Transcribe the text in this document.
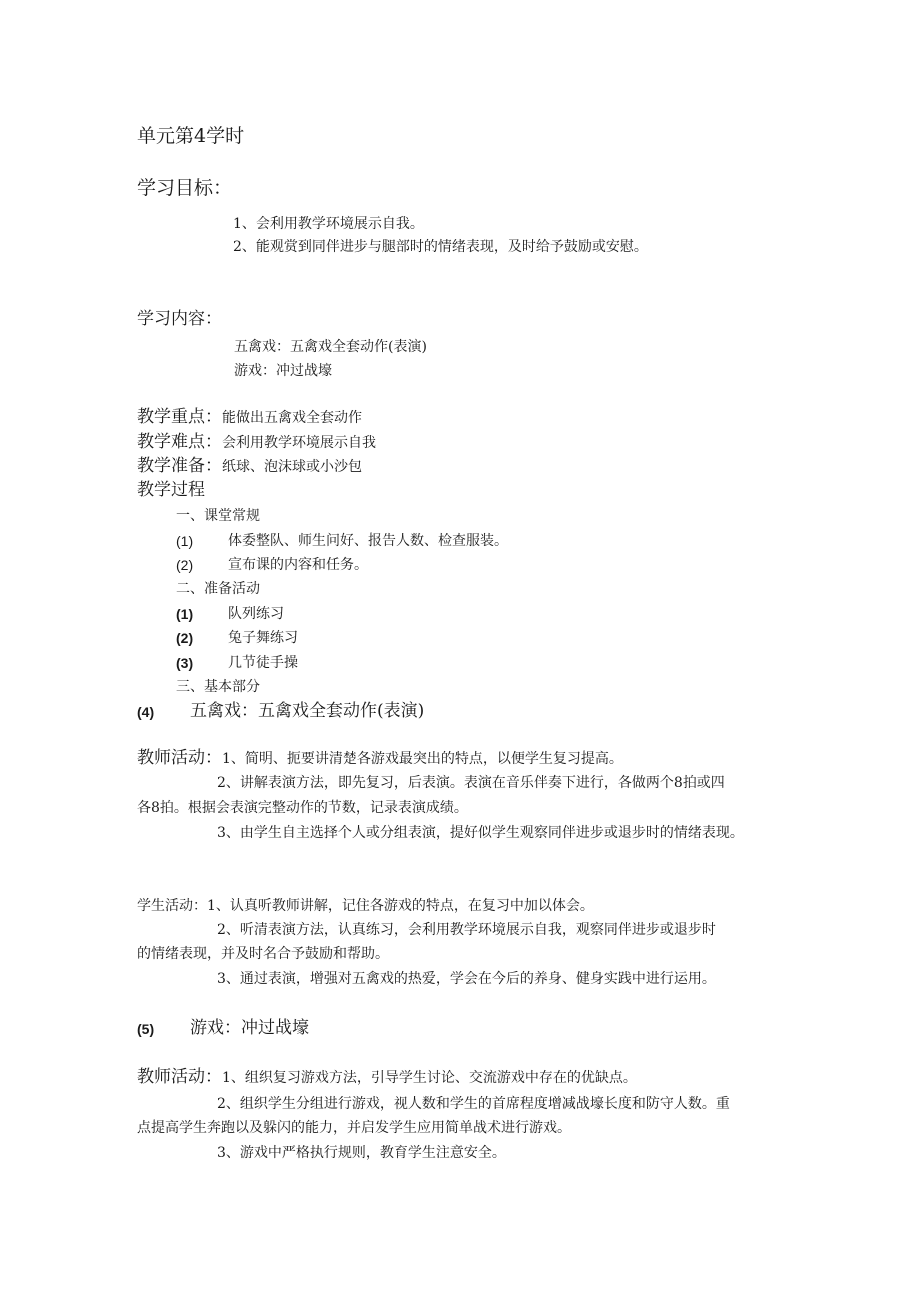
单元第4学时
学习目标：
1、会利用教学环境展示自我。
2、能观赏到同伴进步与腿部时的情绪表现，及时给予鼓励或安慰。
学习内容：
五禽戏：五禽戏全套动作(表演)
游戏：冲过战壕
教学重点：能做出五禽戏全套动作
教学难点：会利用教学环境展示自我
教学准备：纸球、泡沫球或小沙包
教学过程
一、课堂常规
(1) 体委整队、师生问好、报告人数、检查服装。
(2) 宣布课的内容和任务。
二、准备活动
(1) 队列练习
(2) 兔子舞练习
(3) 几节徒手操
三、基本部分
(4) 五禽戏：五禽戏全套动作(表演)
教师活动：1、简明、扼要讲清楚各游戏最突出的特点，以便学生复习提高。
2、讲解表演方法，即先复习，后表演。表演在音乐伴奏下进行，各做两个8拍或四
各8拍。根据会表演完整动作的节数，记录表演成绩。
3、由学生自主选择个人或分组表演，提好似学生观察同伴进步或退步时的情绪表现。
学生活动：1、认真听教师讲解，记住各游戏的特点，在复习中加以体会。
2、听清表演方法，认真练习，会利用教学环境展示自我，观察同伴进步或退步时
的情绪表现，并及时名合予鼓励和帮助。
3、通过表演，增强对五禽戏的热爱，学会在今后的养身、健身实践中进行运用。
(5) 游戏：冲过战壕
教师活动：1、组织复习游戏方法，引导学生讨论、交流游戏中存在的优缺点。
2、组织学生分组进行游戏，视人数和学生的首席程度增减战壕长度和防守人数。重
点提高学生奔跑以及躲闪的能力，并启发学生应用简单战术进行游戏。
3、游戏中严格执行规则，教育学生注意安全。
